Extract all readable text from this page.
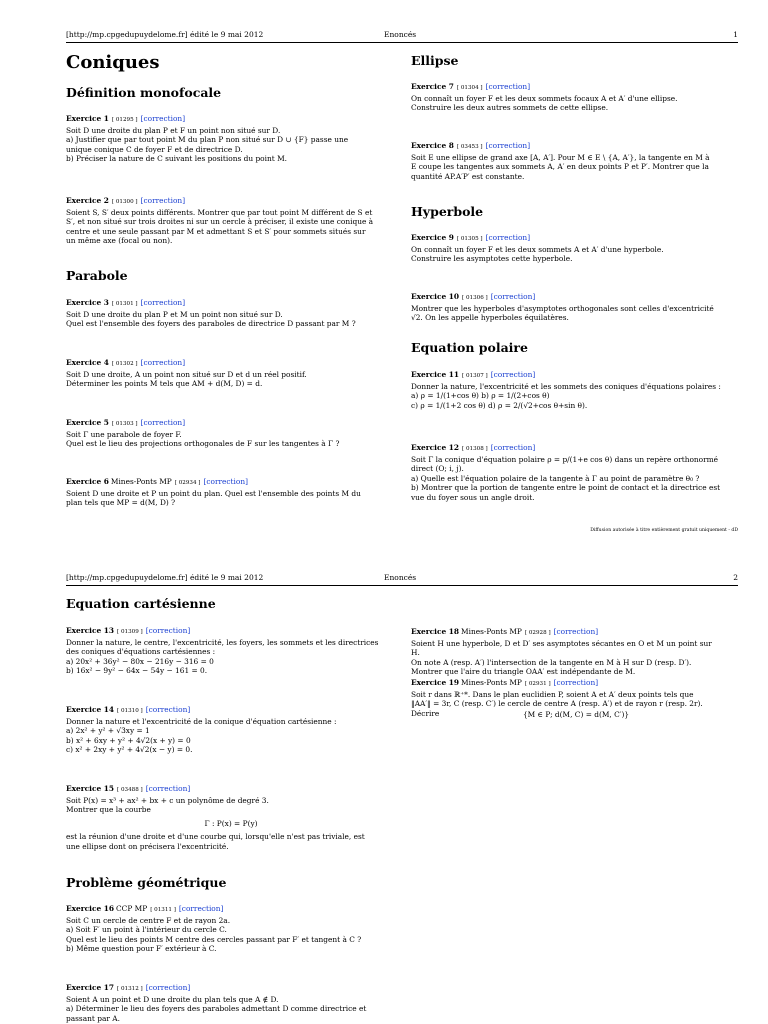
[http://mp.cpgedupuydelome.fr] édité le 9 mai 2012	Enoncés	1
Coniques
Définition monofocale
Exercice 1 [ 01295 ] [correction]
Soit D une droite du plan P et F un point non situé sur D.
a) Justifier que par tout point M du plan P non situé sur D ∪ {F} passe une
unique conique C de foyer F et de directrice D.
b) Préciser la nature de C suivant les positions du point M.
Exercice 2 [ 01300 ] [correction]
Soient S, S′ deux points différents. Montrer que par tout point M différent de S et
S′, et non situé sur trois droites ni sur un cercle à préciser, il existe une conique à
centre et une seule passant par M et admettant S et S′ pour sommets situés sur
un même axe (focal ou non).
Parabole
Exercice 3 [ 01301 ] [correction]
Soit D une droite du plan P et M un point non situé sur D.
Quel est l'ensemble des foyers des paraboles de directrice D passant par M ?
Exercice 4 [ 01302 ] [correction]
Soit D une droite, A un point non situé sur D et d un réel positif.
Déterminer les points M tels que AM + d(M, D) = d.
Exercice 5 [ 01303 ] [correction]
Soit Γ une parabole de foyer F.
Quel est le lieu des projections orthogonales de F sur les tangentes à Γ ?
Exercice 6 Mines-Ponts MP [ 02934 ] [correction]
Soient D une droite et P un point du plan. Quel est l'ensemble des points M du
plan tels que MP = d(M, D) ?
Ellipse
Exercice 7 [ 01304 ] [correction]
On connaît un foyer F et les deux sommets focaux A et A′ d'une ellipse.
Construire les deux autres sommets de cette ellipse.
Exercice 8 [ 03453 ] [correction]
Soit E une ellipse de grand axe [A, A′]. Pour M ∈ E \ {A, A′}, la tangente en M à
E coupe les tangentes aux sommets A, A′ en deux points P et P′. Montrer que la
quantité AP.A′P′ est constante.
Hyperbole
Exercice 9 [ 01305 ] [correction]
On connaît un foyer F et les deux sommets A et A′ d'une hyperbole.
Construire les asymptotes cette hyperbole.
Exercice 10 [ 01306 ] [correction]
Montrer que les hyperboles d'asymptotes orthogonales sont celles d'excentricité
√2. On les appelle hyperboles équilatères.
Equation polaire
Exercice 11 [ 01307 ] [correction]
Donner la nature, l'excentricité et les sommets des coniques d'équations polaires :
a) ρ = 1/(1+cos θ) b) ρ = 1/(2+cos θ)
c) ρ = 1/(1+2 cos θ) d) ρ = 2/(√2+cos θ+sin θ).
Exercice 12 [ 01308 ] [correction]
Soit Γ la conique d'équation polaire ρ = p/(1+e cos θ) dans un repère orthonormé
direct (O; i, j).
a) Quelle est l'équation polaire de la tangente à Γ au point de paramètre θ₀ ?
b) Montrer que la portion de tangente entre le point de contact et la directrice est
vue du foyer sous un angle droit.
Diffusion autorisée à titre entièrement gratuit uniquement - dD
[http://mp.cpgedupuydelome.fr] édité le 9 mai 2012	Enoncés	2
Equation cartésienne
Exercice 13 [ 01309 ] [correction]
Donner la nature, le centre, l'excentricité, les foyers, les sommets et les directrices
des coniques d'équations cartésiennes :
a) 20x² + 36y² − 80x − 216y − 316 = 0
b) 16x² − 9y² − 64x − 54y − 161 = 0.
Exercice 14 [ 01310 ] [correction]
Donner la nature et l'excentricité de la conique d'équation cartésienne :
a) 2x² + y² + √3xy = 1
b) x² + 6xy + y² + 4√2(x + y) = 0
c) x² + 2xy + y² + 4√2(x − y) = 0.
Exercice 15 [ 03488 ] [correction]
Soit P(x) = x³ + ax² + bx + c un polynôme de degré 3.
Montrer que la courbe
Γ : P(x) = P(y)
est la réunion d'une droite et d'une courbe qui, lorsqu'elle n'est pas triviale, est
une ellipse dont on précisera l'excentricité.
Problème géométrique
Exercice 16 CCP MP [ 01311 ] [correction]
Soit C un cercle de centre F et de rayon 2a.
a) Soit F′ un point à l'intérieur du cercle C.
Quel est le lieu des points M centre des cercles passant par F′ et tangent à C ?
b) Même question pour F′ extérieur à C.
Exercice 17 [ 01312 ] [correction]
Soient A un point et D une droite du plan tels que A ∉ D.
a) Déterminer le lieu des foyers des paraboles admettant D comme directrice et
passant par A.
Exercice 18 Mines-Ponts MP [ 02928 ] [correction]
Soient H une hyperbole, D et D′ ses asymptotes sécantes en O et M un point sur
H.
On note A (resp. A′) l'intersection de la tangente en M à H sur D (resp. D′).
Montrer que l'aire du triangle OAA′ est indépendante de M.
Exercice 19 Mines-Ponts MP [ 02931 ] [correction]
Soit r dans ℝ⁺*. Dans le plan euclidien P, soient A et A′ deux points tels que
‖AA′‖ = 3r, C (resp. C′) le cercle de centre A (resp. A′) et de rayon r (resp. 2r).
Décrire	{M ∈ P; d(M, C) = d(M, C′)}
